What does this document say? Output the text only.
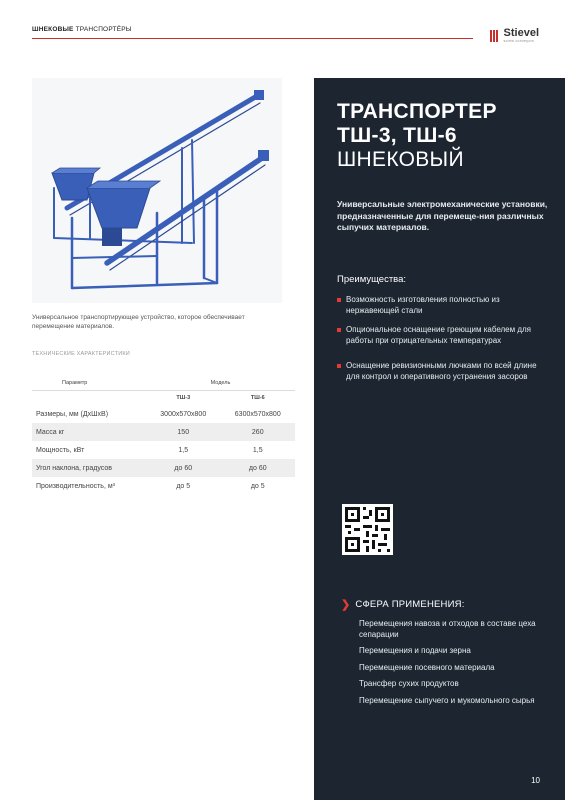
ШНЕКОВЫЕ ТРАНСПОРТЁРЫ	Stievel
screw conveyors
Универсальное транспортирующее устройство, которое обеспечивает перемещение материалов.
ТЕХНИЧЕСКИЕ ХАРАКТЕРИСТИКИ
Параметр	Модель	
	ТШ-3	ТШ-6
Размеры, мм (ДхШхВ)	3000x570x800	6300x570x800
Масса кг	150	260
Мощность, кВт	1,5	1,5
Угол наклона, градусов	до 60	до 60
Производительность, м³	до 5	до 5
ТРАНСПОРТЕР
ТШ-3, ТШ-6
ШНЕКОВЫЙ
Универсальные электромеханические установки, предназначенные для перемеще-ния различных сыпучих материалов.
Преимущества:
Возможность изготовления полностью из нержавеющей стали
Опциональное оснащение греющим кабелем для работы при отрицательных температурах
Оснащение ревизионными лючками по всей длине для контрол и оперативного устранения засоров
❯ СФЕРА ПРИМЕНЕНИЯ:
Перемещения навоза и отходов в составе цеха сепарации
Перемещения и подачи зерна
Перемещение посевного материала
Трансфер сухих продуктов
Перемещение сыпучего и мукомольного сырья
10
